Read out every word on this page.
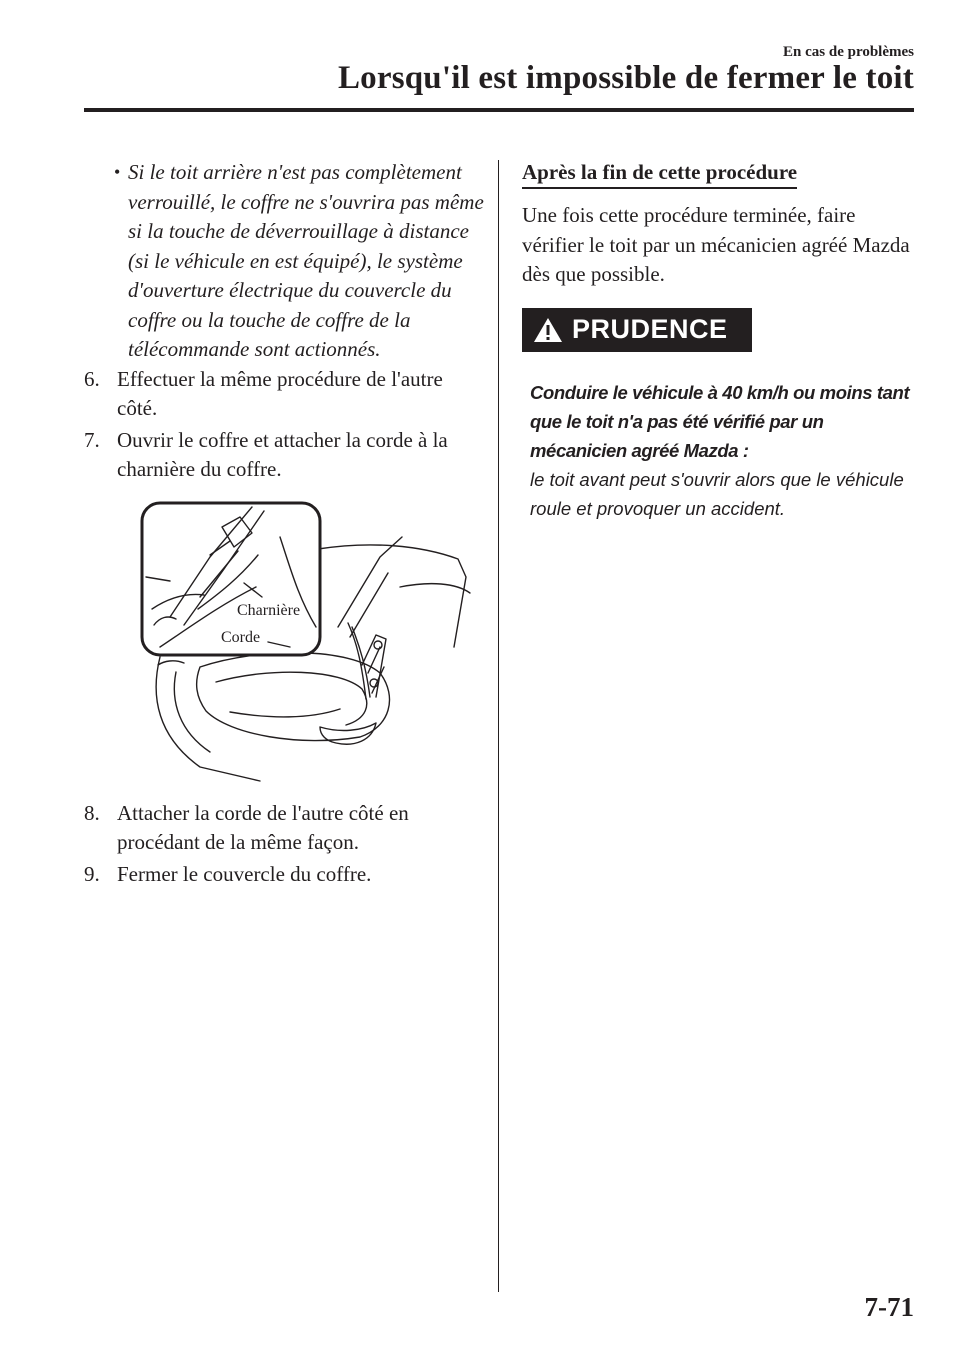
En cas de problèmes
Lorsqu'il est impossible de fermer le toit
• Si le toit arrière n'est pas complètement verrouillé, le coffre ne s'ouvrira pas même si la touche de déverrouillage à distance (si le véhicule en est équipé), le système d'ouverture électrique du couvercle du coffre ou la touche de coffre de la télécommande sont actionnés.
6. Effectuer la même procédure de l'autre côté.
7. Ouvrir le coffre et attacher la corde à la charnière du coffre.
Charnière
Corde
8. Attacher la corde de l'autre côté en procédant de la même façon.
9. Fermer le couvercle du coffre.
Après la fin de cette procédure
Une fois cette procédure terminée, faire vérifier le toit par un mécanicien agréé Mazda dès que possible.
PRUDENCE
Conduire le véhicule à 40 km/h ou moins tant que le toit n'a pas été vérifié par un mécanicien agréé Mazda :
le toit avant peut s'ouvrir alors que le véhicule roule et provoquer un accident.
7-71
